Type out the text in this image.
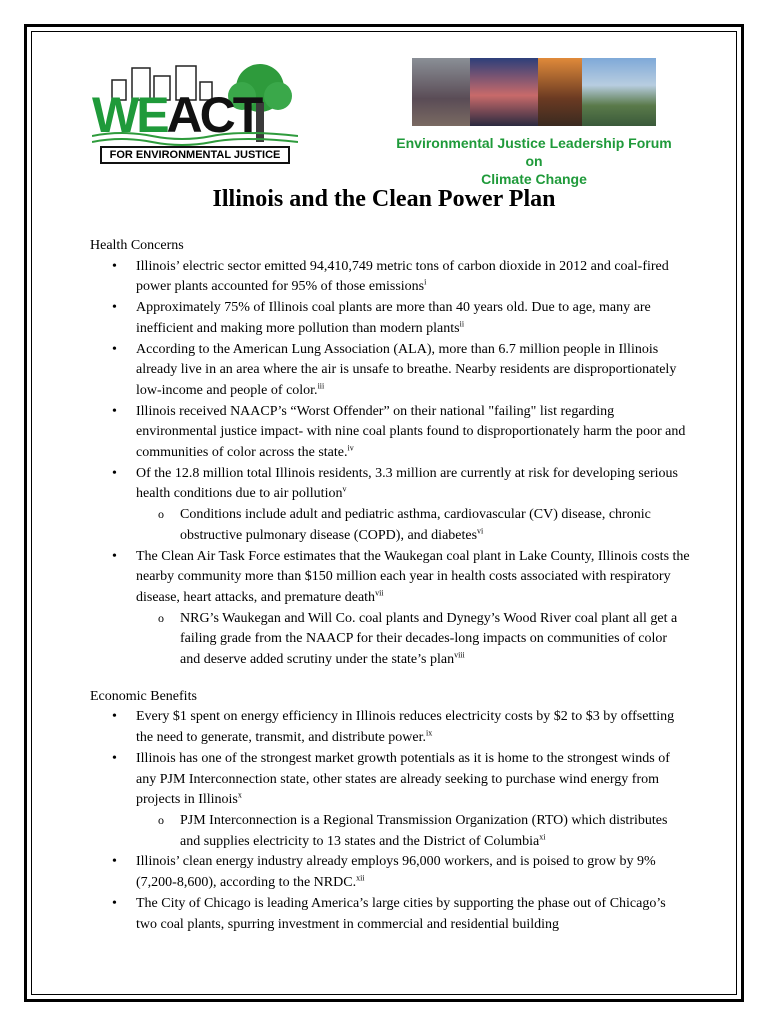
WEACT
FOR ENVIRONMENTAL JUSTICE
Environmental Justice Leadership Forum on
Climate Change
Illinois and the Clean Power Plan
Health Concerns
• Illinois’ electric sector emitted 94,410,749 metric tons of carbon dioxide in 2012 and coal-fired power plants accounted for 95% of those emissions$^i$
• Approximately 75% of Illinois coal plants are more than 40 years old. Due to age, many are inefficient and making more pollution than modern plants$^{ii}$
• According to the American Lung Association (ALA), more than 6.7 million people in Illinois already live in an area where the air is unsafe to breathe. Nearby residents are disproportionately low-income and people of color.$^{iii}$
• Illinois received NAACP’s “Worst Offender” on their national "failing" list regarding environmental justice impact- with nine coal plants found to disproportionately harm the poor and communities of color across the state.$^{iv}$
• Of the 12.8 million total Illinois residents, 3.3 million are currently at risk for developing serious health conditions due to air pollution$^v$
o Conditions include adult and pediatric asthma, cardiovascular (CV) disease, chronic obstructive pulmonary disease (COPD), and diabetes$^{vi}$
• The Clean Air Task Force estimates that the Waukegan coal plant in Lake County, Illinois costs the nearby community more than $150 million each year in health costs associated with respiratory disease, heart attacks, and premature death$^{vii}$
o NRG’s Waukegan and Will Co. coal plants and Dynegy’s Wood River coal plant all get a failing grade from the NAACP for their decades-long impacts on communities of color and deserve added scrutiny under the state’s plan$^{viii}$
Economic Benefits
• Every $1 spent on energy efficiency in Illinois reduces electricity costs by $2 to $3 by offsetting the need to generate, transmit, and distribute power.$^{ix}$
• Illinois has one of the strongest market growth potentials as it is home to the strongest winds of any PJM Interconnection state, other states are already seeking to purchase wind energy from projects in Illinois$^x$
o PJM Interconnection is a Regional Transmission Organization (RTO) which distributes and supplies electricity to 13 states and the District of Columbia$^{xi}$
• Illinois’ clean energy industry already employs 96,000 workers, and is poised to grow by 9% (7,200-8,600), according to the NRDC.$^{xii}$
• The City of Chicago is leading America’s large cities by supporting the phase out of Chicago’s two coal plants, spurring investment in commercial and residential building
